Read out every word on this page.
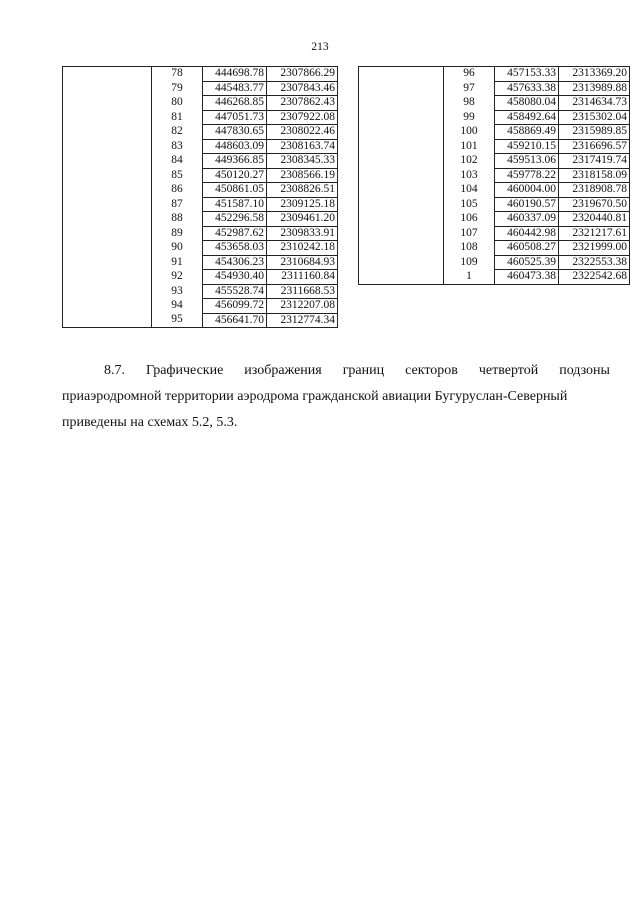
213
	78	444698.78	2307866.29
	79	445483.77	2307843.46
	80	446268.85	2307862.43
	81	447051.73	2307922.08
	82	447830.65	2308022.46
	83	448603.09	2308163.74
	84	449366.85	2308345.33
	85	450120.27	2308566.19
	86	450861.05	2308826.51
	87	451587.10	2309125.18
	88	452296.58	2309461.20
	89	452987.62	2309833.91
	90	453658.03	2310242.18
	91	454306.23	2310684.93
	92	454930.40	2311160.84
	93	455528.74	2311668.53
	94	456099.72	2312207.08
	95	456641.70	2312774.34
	96	457153.33	2313369.20
	97	457633.38	2313989.88
	98	458080.04	2314634.73
	99	458492.64	2315302.04
	100	458869.49	2315989.85
	101	459210.15	2316696.57
	102	459513.06	2317419.74
	103	459778.22	2318158.09
	104	460004.00	2318908.78
	105	460190.57	2319670.50
	106	460337.09	2320440.81
	107	460442.98	2321217.61
	108	460508.27	2321999.00
	109	460525.39	2322553.38
	1	460473.38	2322542.68
8.7. Графические изображения границ секторов четвертой подзоны
приаэродромной территории аэродрома гражданской авиации Бугуруслан-Северный
приведены на схемах 5.2, 5.3.
